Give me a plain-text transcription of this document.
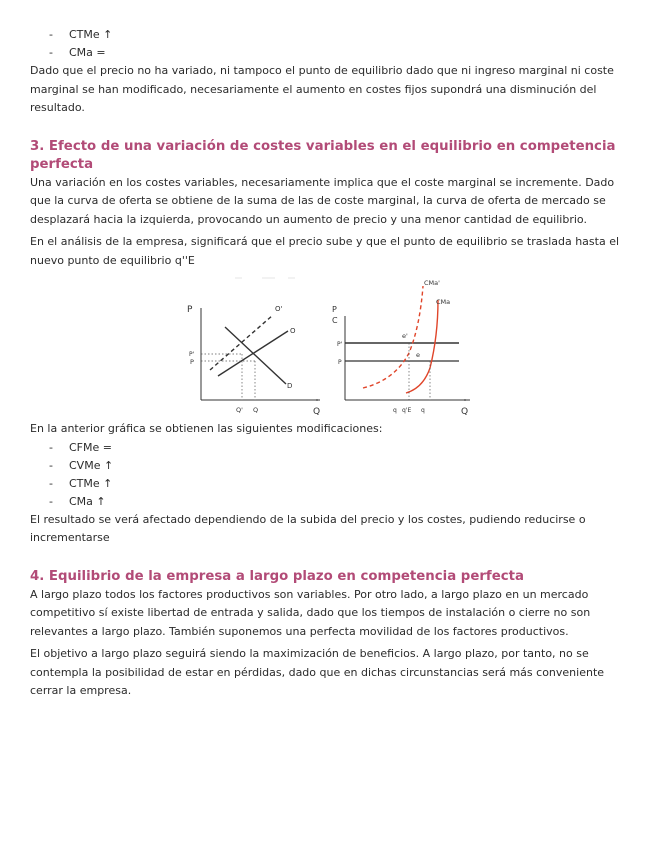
- CTMe ↑
- CMa =

Dado que el precio no ha variado, ni tampoco el punto de equilibrio dado que ni ingreso marginal ni coste marginal se han modificado, necesariamente el aumento en costes fijos supondrá una disminución del resultado.

3. Efecto de una variación de costes variables en el equilibrio en competencia perfecta

Una variación en los costes variables, necesariamente implica que el coste marginal se incremente. Dado que la curva de oferta se obtiene de la suma de las de coste marginal, la curva de oferta de mercado se desplazará hacia la izquierda, provocando un aumento de precio y una menor cantidad de equilibrio.

En el análisis de la empresa, significará que el precio sube y que el punto de equilibrio se traslada hasta el nuevo punto de equilibrio q''E

P
Q
O
O'
D
P'
P
Q' Q
P
C
Q
P'
P
CMa'
CMa
e'
e
q q'E q

En la anterior gráfica se obtienen las siguientes modificaciones:

- CFMe =
- CVMe ↑
- CTMe ↑
- CMa ↑

El resultado se verá afectado dependiendo de la subida del precio y los costes, pudiendo reducirse o incrementarse

4. Equilibrio de la empresa a largo plazo en competencia perfecta

A largo plazo todos los factores productivos son variables. Por otro lado, a largo plazo en un mercado competitivo sí existe libertad de entrada y salida, dado que los tiempos de instalación o cierre no son relevantes a largo plazo. También suponemos una perfecta movilidad de los factores productivos.

El objetivo a largo plazo seguirá siendo la maximización de beneficios. A largo plazo, por tanto, no se contempla la posibilidad de estar en pérdidas, dado que en dichas circunstancias será más conveniente cerrar la empresa.
